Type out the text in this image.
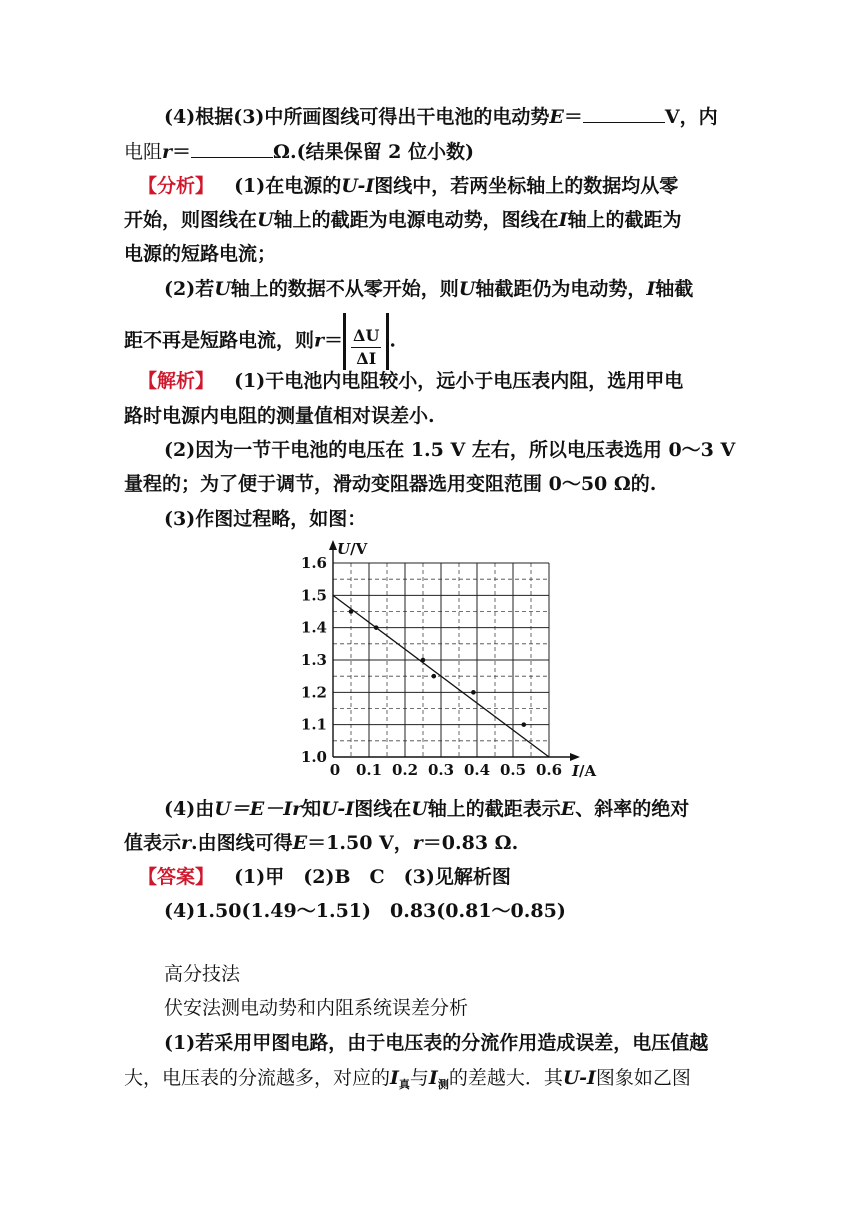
(4)根据(3)中所画图线可得出干电池的电动势E＝	V，内
电阻r＝	Ω.(结果保留 2 位小数)
【分析】 (1)在电源的U-I图线中，若两坐标轴上的数据均从零
开始，则图线在U轴上的截距为电源电动势，图线在I轴上的截距为
电源的短路电流；
(2)若U轴上的数据不从零开始，则U轴截距仍为电动势，I轴截
距不再是短路电流，则$r= \frac{\Delta U}{\Delta I}$ .
【解析】 (1)干电池内电阻较小，远小于电压表内阻，选用甲电
路时电源内电阻的测量值相对误差小.
(2)因为一节干电池的电压在 1.5 V 左右，所以电压表选用 0～3 V
量程的；为了便于调节，滑动变阻器选用变阻范围 0～50 Ω的.
(3)作图过程略，如图：
U/V
I/A
1.0
1.1
1.2
1.3
1.4
1.5
1.6
0 0.1 0.2 0.3 0.4 0.5 0.6
(4)由U＝E－Ir知U-I图线在U轴上的截距表示E、斜率的绝对
值表示r.由图线可得E＝1.50 V，r＝0.83 Ω.
【答案】 (1)甲　(2)B　C　(3)见解析图
(4)1.50(1.49～1.51)　0.83(0.81～0.85)
高分技法
伏安法测电动势和内阻系统误差分析
(1)若采用甲图电路，由于电压表的分流作用造成误差，电压值越
大，电压表的分流越多，对应的$I_真$与$I_测$的差越大．其U-I图象如乙图
